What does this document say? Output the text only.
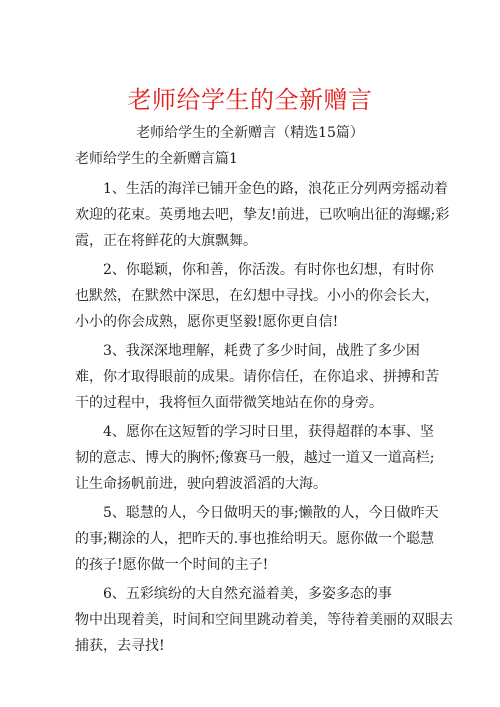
老师给学生的全新赠言
老师给学生的全新赠言（精选15篇）
老师给学生的全新赠言篇1

1、生活的海洋已铺开金色的路，浪花正分列两旁摇动着
欢迎的花束。英勇地去吧，挚友!前进，已吹响出征的海螺;彩
霞，正在将鲜花的大旗飘舞。

2、你聪颖，你和善，你活泼。有时你也幻想，有时你
也默然，在默然中深思，在幻想中寻找。小小的你会长大，
小小的你会成熟，愿你更坚毅!愿你更自信!

3、我深深地理解，耗费了多少时间，战胜了多少困
难，你才取得眼前的成果。请你信任，在你追求、拼搏和苦
干的过程中，我将恒久面带微笑地站在你的身旁。

4、愿你在这短暂的学习时日里，获得超群的本事、坚
韧的意志、博大的胸怀;像赛马一般，越过一道又一道高栏;
让生命扬帆前进，驶向碧波滔滔的大海。

5、聪慧的人，今日做明天的事;懒散的人，今日做昨天
的事;糊涂的人，把昨天的.事也推给明天。愿你做一个聪慧
的孩子!愿你做一个时间的主子!

6、五彩缤纷的大自然充溢着美，多姿多态的事
物中出现着美，时间和空间里跳动着美，等待着美丽的双眼去
捕获，去寻找!
